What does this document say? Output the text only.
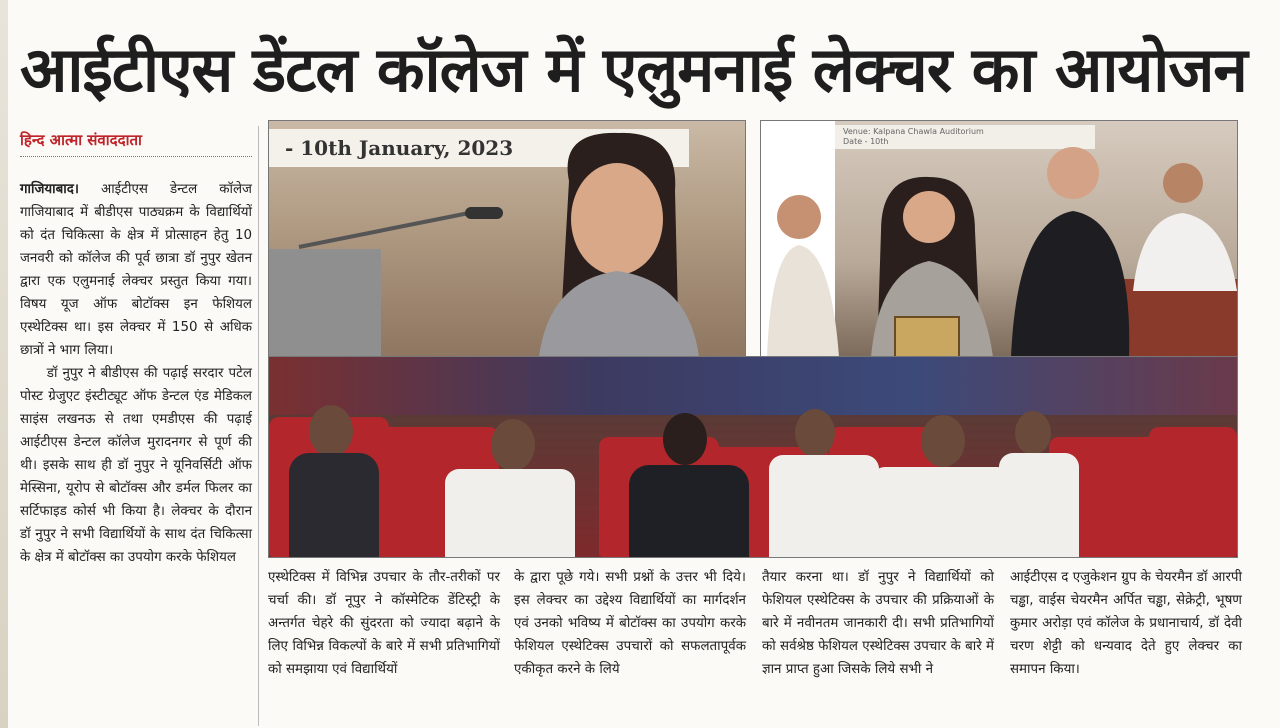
आईटीएस डेंटल कॉलेज में एलुमनाई लेक्चर का आयोजन
हिन्द आत्मा संवाददाता

गाजियाबाद। आईटीएस डेन्टल कॉलेज गाजियाबाद में बीडीएस पाठ्यक्रम के विद्यार्थियों को दंत चिकित्सा के क्षेत्र में प्रोत्साहन हेतु 10 जनवरी को कॉलेज की पूर्व छात्रा डॉ नुपुर खेतन द्वारा एक एलुमनाई लेक्चर प्रस्तुत किया गया। विषय यूज ऑफ बोटॉक्स इन फेशियल एस्थेटिक्स था। इस लेक्चर में 150 से अधिक छात्रों ने भाग लिया।

डॉ नुपुर ने बीडीएस की पढ़ाई सरदार पटेल पोस्ट ग्रेजुएट इंस्टीट्यूट ऑफ डेन्टल एंड मेडिकल साइंस लखनऊ से तथा एमडीएस की पढ़ाई आईटीएस डेन्टल कॉलेज मुरादनगर से पूर्ण की थी। इसके साथ ही डॉ नुपुर ने यूनिवर्सिटी ऑफ मेस्सिना, यूरोप से बोटॉक्स और डर्मल फिलर का सर्टिफाइड कोर्स भी किया है। लेक्चर के दौरान डॉ नुपुर ने सभी विद्यार्थियों के साथ दंत चिकित्सा के क्षेत्र में बोटॉक्स का उपयोग करके फेशियल

- 10th January, 2023
Venue: Kalpana Chawla Auditorium
Date - 10th
एस्थेटिक्स में विभिन्न उपचार के तौर-तरीकों पर चर्चा की। डॉ नूपुर ने कॉस्मेटिक डेंटिस्ट्री के अन्तर्गत चेहरे की सुंदरता को ज्यादा बढ़ाने के लिए विभिन्न विकल्पों के बारे में सभी प्रतिभागियों को समझाया एवं विद्यार्थियों
के द्वारा पूछे गये। सभी प्रश्नों के उत्तर भी दिये। इस लेक्चर का उद्देश्य विद्यार्थियों का मार्गदर्शन एवं उनको भविष्य में बोटॉक्स का उपयोग करके फेशियल एस्थेटिक्स उपचारों को सफलतापूर्वक एकीकृत करने के लिये
तैयार करना था। डॉ नुपुर ने विद्यार्थियों को फेशियल एस्थेटिक्स के उपचार की प्रक्रियाओं के बारे में नवीनतम जानकारी दी। सभी प्रतिभागियों को सर्वश्रेष्ठ फेशियल एस्थेटिक्स उपचार के बारे में ज्ञान प्राप्त हुआ जिसके लिये सभी ने
आईटीएस द एजुकेशन ग्रुप के चेयरमैन डॉ आरपी चड्ढा, वाईस चेयरमैन अर्पित चड्ढा, सेक्रेट्री, भूषण कुमार अरोड़ा एवं कॉलेज के प्रधानाचार्य, डॉ देवी चरण शेट्टी को धन्यवाद देते हुए लेक्चर का समापन किया।
